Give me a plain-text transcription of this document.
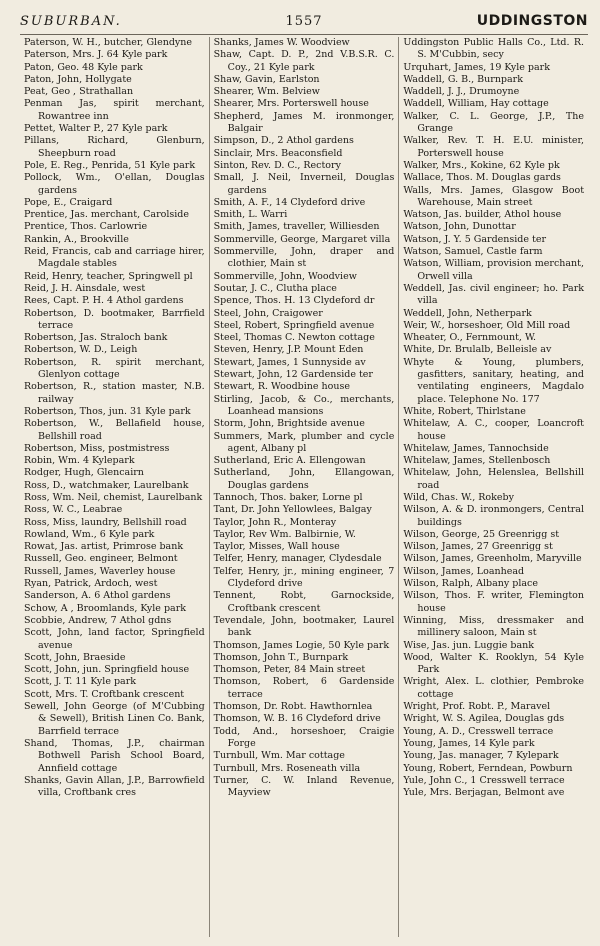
SUBURBAN.	1557	UDDINGSTON
Paterson, W. H., butcher, Glendyne
Paterson, Mrs. J. 64 Kyle park
Paton, Geo. 48 Kyle park
Paton, John, Hollygate
Peat, Geo , Strathallan
Penman Jas, spirit merchant, Rowantree inn
Pettet, Walter P., 27 Kyle park
Pillans, Richard, Glenburn, Sheepburn road
Pole, E. Reg., Penrida, 51 Kyle park
Pollock, Wm., O'ellan, Douglas gardens
Pope, E., Craigard
Prentice, Jas. merchant, Carolside
Prentice, Thos. Carlowrie
Rankin, A., Brookville
Reid, Francis, cab and carriage hirer, Magdale stables
Reid, Henry, teacher, Springwell pl
Reid, J. H. Ainsdale, west
Rees, Capt. P. H. 4 Athol gardens
Robertson, D. bootmaker, Barrfield terrace
Robertson, Jas. Straloch bank
Robertson, W. D., Leigh
Robertson, R. spirit merchant, Glenlyon cottage
Robertson, R., station master, N.B. railway
Robertson, Thos, jun. 31 Kyle park
Robertson, W., Bellafield house, Bellshill road
Robertson, Miss, postmistress
Robin, Wm. 4 Kylepark
Rodger, Hugh, Glencairn
Ross, D., watchmaker, Laurelbank
Ross, Wm. Neil, chemist, Laurelbank
Ross, W. C., Leabrae
Ross, Miss, laundry, Bellshill road
Rowland, Wm., 6 Kyle park
Rowat, Jas. artist, Primrose bank
Russell, Geo. engineer, Belmont
Russell, James, Waverley house
Ryan, Patrick, Ardoch, west
Sanderson, A. 6 Athol gardens
Schow, A , Broomlands, Kyle park
Scobbie, Andrew, 7 Athol gdns
Scott, John, land factor, Springfield avenue
Scott, John, Braeside
Scott, John, jun. Springfield house
Scott, J. T. 11 Kyle park
Scott, Mrs. T. Croftbank crescent
Sewell, John George (of M'Cubbing & Sewell), British Linen Co. Bank, Barrfield terrace
Shand, Thomas, J.P., chairman Bothwell Parish School Board, Annfield cottage
Shanks, Gavin Allan, J.P., Barrowfield villa, Croftbank cres
Shanks, James W. Woodview
Shaw, Capt. D. P., 2nd V.B.S.R. C. Coy., 21 Kyle park
Shaw, Gavin, Earlston
Shearer, Wm. Belview
Shearer, Mrs. Porterswell house
Shepherd, James M. ironmonger, Balgair
Simpson, D., 2 Athol gardens
Sinclair, Mrs. Beaconsfield
Sinton, Rev. D. C., Rectory
Small, J. Neil, Inverneil, Douglas gardens
Smith, A. F., 14 Clydeford drive
Smith, L. Warri
Smith, James, traveller, Williesden
Sommerville, George, Margaret villa
Sommerville, John, draper and clothier, Main st
Sommerville, John, Woodview
Soutar, J. C., Clutha place
Spence, Thos. H. 13 Clydeford dr
Steel, John, Craigower
Steel, Robert, Springfield avenue
Steel, Thomas C. Newton cottage
Steven, Henry, J.P. Mount Eden
Stewart, James, 1 Sunnyside av
Stewart, John, 12 Gardenside ter
Stewart, R. Woodbine house
Stirling, Jacob, & Co., merchants, Loanhead mansions
Storm, John, Brightside avenue
Summers, Mark, plumber and cycle agent, Albany pl
Sutherland, Eric A. Ellengowan
Sutherland, John, Ellangowan, Douglas gardens
Tannoch, Thos. baker, Lorne pl
Tant, Dr. John Yellowlees, Balgay
Taylor, John R., Monteray
Taylor, Rev Wm. Balbirnie, W.
Taylor, Misses, Wall house
Telfer, Henry, manager, Clydesdale
Telfer, Henry, jr., mining engineer, 7 Clydeford drive
Tennent, Robt, Garnockside, Croftbank crescent
Tevendale, John, bootmaker, Laurel bank
Thomson, James Logie, 50 Kyle park
Thomson, John T., Burnpark
Thomson, Peter, 84 Main street
Thomson, Robert, 6 Gardenside terrace
Thomson, Dr. Robt. Hawthornlea
Thomson, W. B. 16 Clydeford drive
Todd, And., horseshoer, Craigie Forge
Turnbull, Wm. Mar cottage
Turnbull, Mrs. Roseneath villa
Turner, C. W. Inland Revenue, Mayview
Uddingston Public Halls Co., Ltd. R. S. M'Cubbin, secy
Urquhart, James, 19 Kyle park
Waddell, G. B., Burnpark
Waddell, J. J., Drumoyne
Waddell, William, Hay cottage
Walker, C. L. George, J.P., The Grange
Walker, Rev. T. H. E.U. minister, Porterswell house
Walker, Mrs., Kokine, 62 Kyle pk
Wallace, Thos. M. Douglas gards
Walls, Mrs. James, Glasgow Boot Warehouse, Main street
Watson, Jas. builder, Athol house
Watson, John, Dunottar
Watson, J. Y. 5 Gardenside ter
Watson, Samuel, Castle farm
Watson, William, provision merchant, Orwell villa
Weddell, Jas. civil engineer; ho. Park villa
Weddell, John, Netherpark
Weir, W., horseshoer, Old Mill road
Wheater, O., Fernmount, W.
White, Dr. Brulalb, Belleisle av
Whyte & Young, plumbers, gasfitters, sanitary, heating, and ventilating engineers, Magdalo place. Telephone No. 177
White, Robert, Thirlstane
Whitelaw, A. C., cooper, Loancroft house
Whitelaw, James, Tannochside
Whitelaw, James, Stellenbosch
Whitelaw, John, Helenslea, Bellshill road
Wild, Chas. W., Rokeby
Wilson, A. & D. ironmongers, Central buildings
Wilson, George, 25 Greenrigg st
Wilson, James, 27 Greenrigg st
Wilson, James, Greenholm, Maryville
Wilson, James, Loanhead
Wilson, Ralph, Albany place
Wilson, Thos. F. writer, Flemington house
Winning, Miss, dressmaker and millinery saloon, Main st
Wise, Jas. jun. Luggie bank
Wood, Walter K. Rooklyn, 54 Kyle Park
Wright, Alex. L. clothier, Pembroke cottage
Wright, Prof. Robt. P., Maravel
Wright, W. S. Agilea, Douglas gds
Young, A. D., Cresswell terrace
Young, James, 14 Kyle park
Young, Jas. manager, 7 Kylepark
Young, Robert, Ferndean, Powburn
Yule, John C., 1 Cresswell terrace
Yule, Mrs. Berjagan, Belmont ave
